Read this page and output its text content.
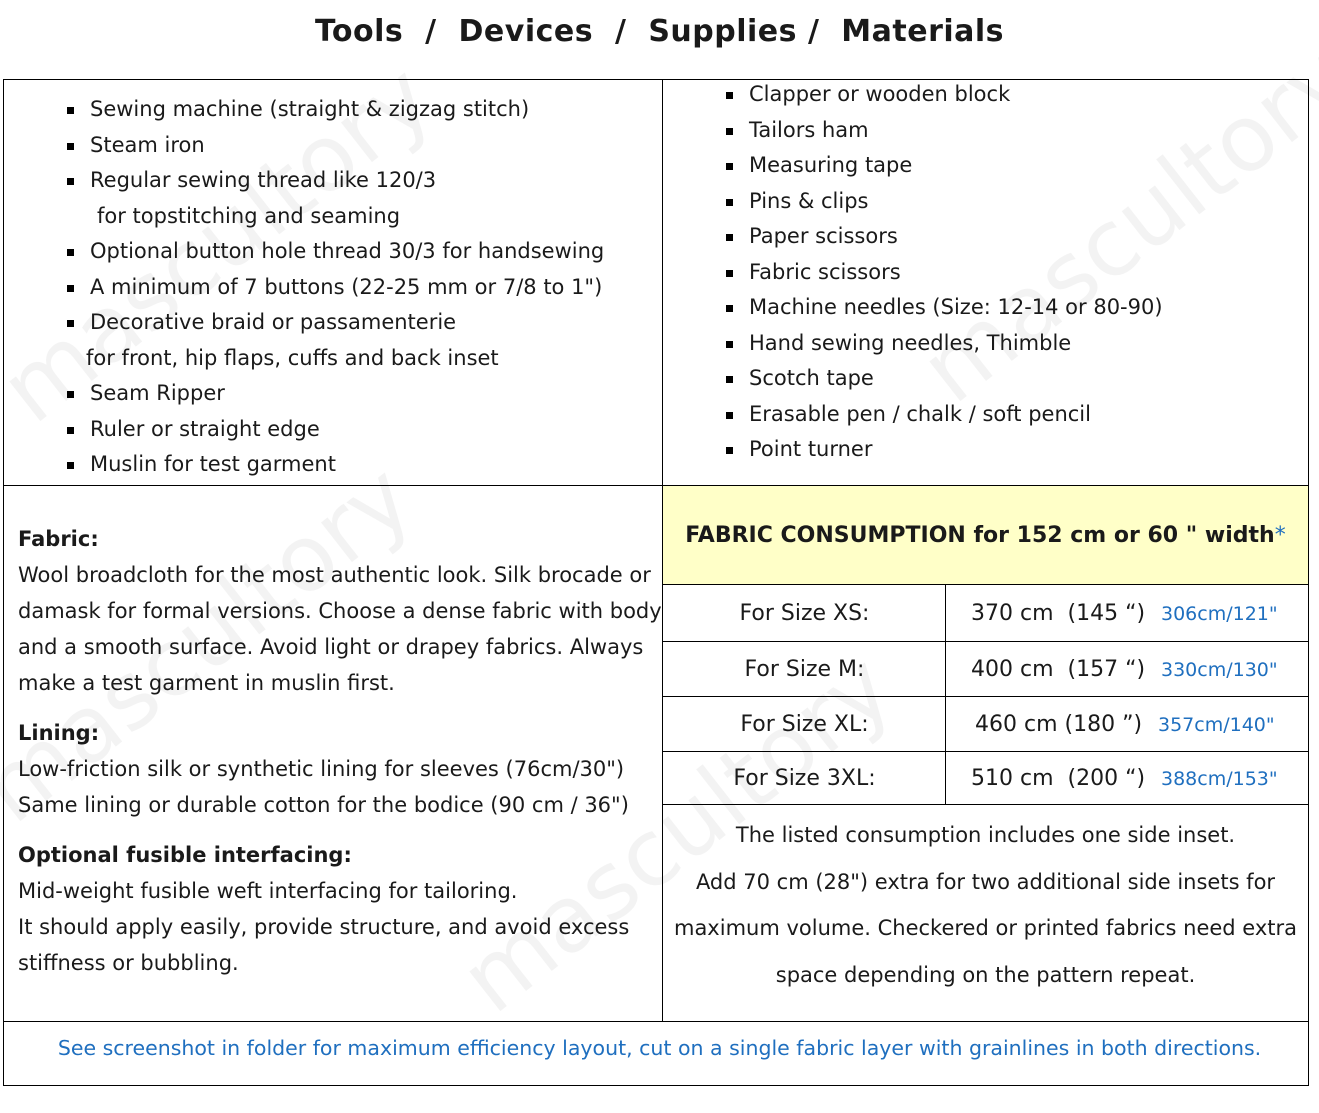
Tools  /  Devices  /  Supplies /  Materials
Sewing machine (straight & zigzag stitch)
Steam iron
Regular sewing thread like 120/3
for topstitching and seaming
Optional button hole thread 30/3 for handsewing
A minimum of 7 buttons (22-25 mm or 7/8 to 1")
Decorative braid or passamenterie
for front, hip flaps, cuffs and back inset
Seam Ripper
Ruler or straight edge
Muslin for test garment
Clapper or wooden block
Tailors ham
Measuring tape
Pins & clips
Paper scissors
Fabric scissors
Machine needles (Size: 12-14 or 80-90)
Hand sewing needles, Thimble
Scotch tape
Erasable pen / chalk / soft pencil
Point turner
Fabric:
Wool broadcloth for the most authentic look. Silk brocade or
damask for formal versions. Choose a dense fabric with body
and a smooth surface. Avoid light or drapey fabrics. Always
make a test garment in muslin first.
Lining:
Low-friction silk or synthetic lining for sleeves (76cm/30")
Same lining or durable cotton for the bodice (90 cm / 36")
Optional fusible interfacing:
Mid-weight fusible weft interfacing for tailoring.
It should apply easily, provide structure, and avoid excess
stiffness or bubbling.
FABRIC CONSUMPTION for 152 cm or 60 " width *
For Size XS:	370 cm  (145 “) 306cm/121"
For Size M:	400 cm  (157 “) 330cm/130"
For Size XL:	460 cm (180 ”) 357cm/140"
For Size 3XL:	510 cm  (200 “) 388cm/153"
The listed consumption includes one side inset.
Add 70 cm (28") extra for two additional side insets for
maximum volume. Checkered or printed fabrics need extra
space depending on the pattern repeat.
See screenshot in folder for maximum efficiency layout, cut on a single fabric layer with grainlines in both directions.
